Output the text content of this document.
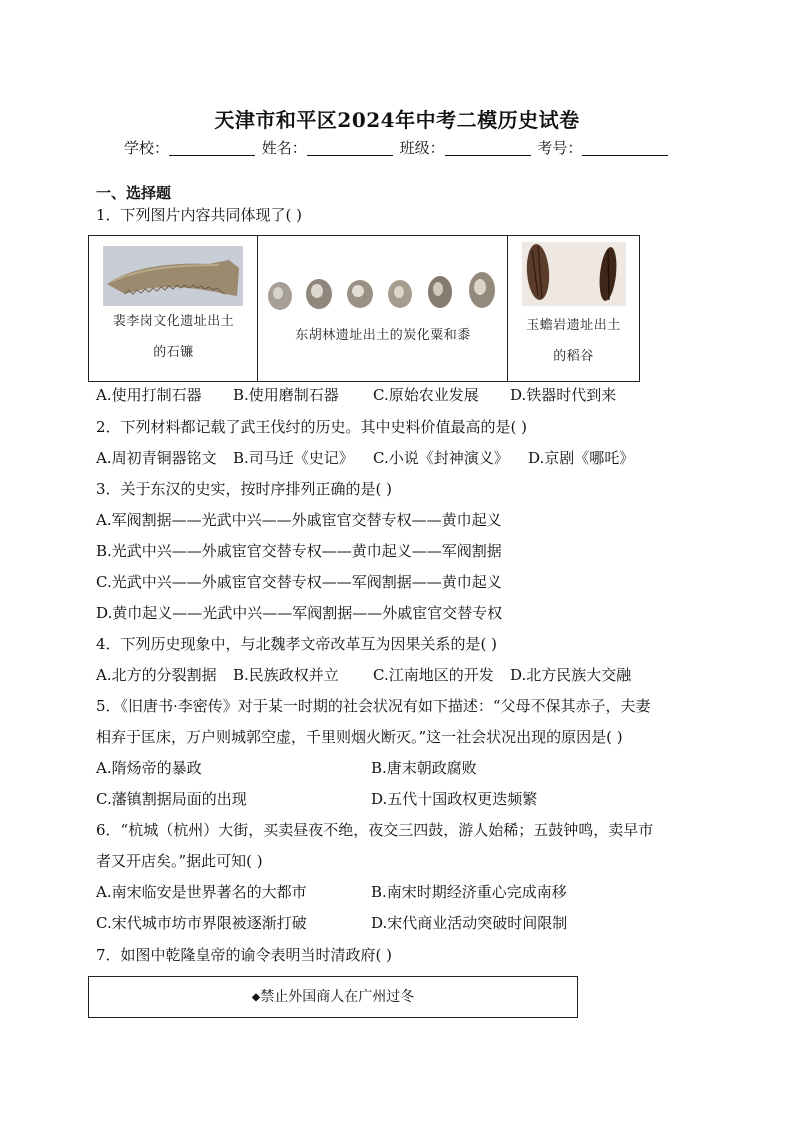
天津市和平区2024年中考二模历史试卷
学校：	姓名：	班级：	考号：
一、选择题
1．下列图片内容共同体现了( )
裴李岗文化遗址出土
的石镰
东胡林遗址出土的炭化粟和黍
玉蟾岩遗址出土
的稻谷
A.使用打制石器 B.使用磨制石器 C.原始农业发展 D.铁器时代到来
2．下列材料都记载了武王伐纣的历史。其中史料价值最高的是( )
A.周初青铜器铭文 B.司马迁《史记》 C.小说《封神演义》 D.京剧《哪吒》
3．关于东汉的史实，按时序排列正确的是( )
A.军阀割据——光武中兴——外戚宦官交替专权——黄巾起义
B.光武中兴——外戚宦官交替专权——黄巾起义——军阀割据
C.光武中兴——外戚宦官交替专权——军阀割据——黄巾起义
D.黄巾起义——光武中兴——军阀割据——外戚宦官交替专权
4．下列历史现象中，与北魏孝文帝改革互为因果关系的是( )
A.北方的分裂割据 B.民族政权并立 C.江南地区的开发 D.北方民族大交融
5．《旧唐书·李密传》对于某一时期的社会状况有如下描述：“父母不保其赤子，夫妻
相弃于匡床，万户则城郭空虚，千里则烟火断灭。”这一社会状况出现的原因是( )
A.隋炀帝的暴政	B.唐末朝政腐败
C.藩镇割据局面的出现	D.五代十国政权更迭频繁
6．“杭城（杭州）大街，买卖昼夜不绝，夜交三四鼓，游人始稀；五鼓钟鸣，卖早市
者又开店矣。”据此可知( )
A.南宋临安是世界著名的大都市	B.南宋时期经济重心完成南移
C.宋代城市坊市界限被逐渐打破	D.宋代商业活动突破时间限制
7．如图中乾隆皇帝的谕令表明当时清政府( )
◆禁止外国商人在广州过冬
